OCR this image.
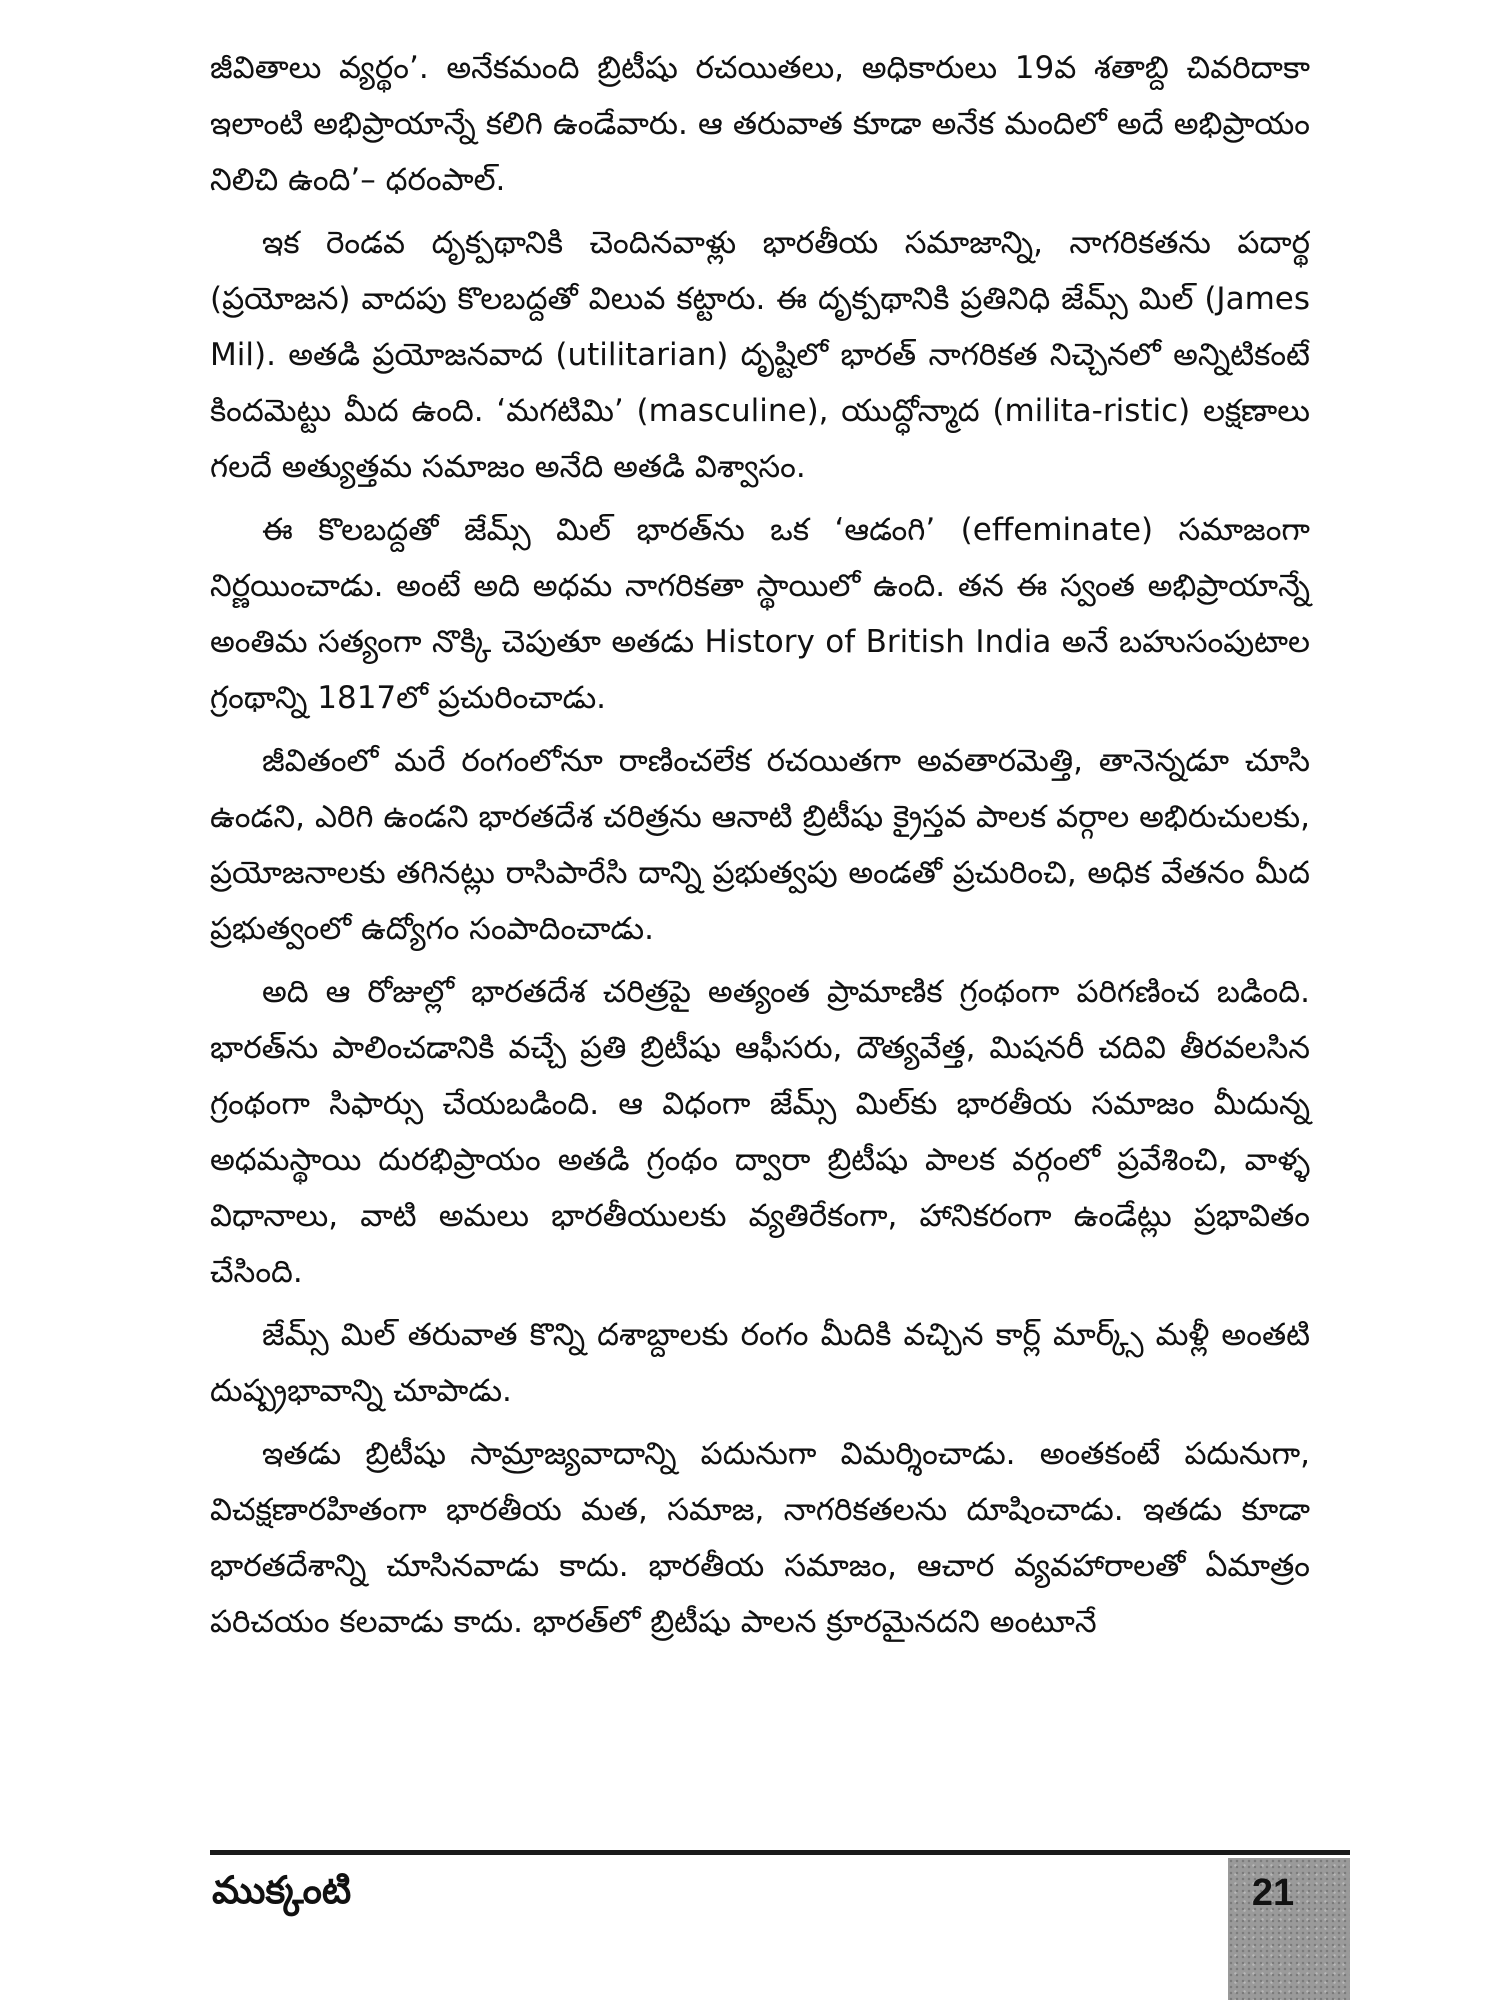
జీవితాలు వ్యర్థం’. అనేకమంది బ్రిటీషు రచయితలు, అధికారులు 19వ శతాబ్ది చివరిదాకా ఇలాంటి అభిప్రాయాన్నే కలిగి ఉండేవారు. ఆ తరువాత కూడా అనేక మందిలో అదే అభిప్రాయం నిలిచి ఉంది’– ధరంపాల్.

ఇక రెండవ దృక్పథానికి చెందినవాళ్లు భారతీయ సమాజాన్ని, నాగరికతను పదార్థ (ప్రయోజన) వాదపు కొలబద్దతో విలువ కట్టారు. ఈ దృక్పథానికి ప్రతినిధి జేమ్స్ మిల్ (James Mil). అతడి ప్రయోజనవాద (utilitarian) దృష్టిలో భారత్ నాగరికత నిచ్చెనలో అన్నిటికంటే కిందమెట్టు మీద ఉంది. ‘మగటిమి’ (masculine), యుద్ధోన్మాద (milita-ristic) లక్షణాలు గలదే అత్యుత్తమ సమాజం అనేది అతడి విశ్వాసం.

ఈ కొలబద్దతో జేమ్స్ మిల్ భారత్‌ను ఒక ‘ఆడంగి’ (effeminate) సమాజంగా నిర్ణయించాడు. అంటే అది అధమ నాగరికతా స్థాయిలో ఉంది. తన ఈ స్వంత అభిప్రాయాన్నే అంతిమ సత్యంగా నొక్కి చెపుతూ అతడు History of British India అనే బహుసంపుటాల గ్రంథాన్ని 1817లో ప్రచురించాడు.

జీవితంలో మరే రంగంలోనూ రాణించలేక రచయితగా అవతారమెత్తి, తానెన్నడూ చూసి ఉండని, ఎరిగి ఉండని భారతదేశ చరిత్రను ఆనాటి బ్రిటీషు క్రైస్తవ పాలక వర్గాల అభిరుచులకు, ప్రయోజనాలకు తగినట్లు రాసిపారేసి దాన్ని ప్రభుత్వపు అండతో ప్రచురించి, అధిక వేతనం మీద ప్రభుత్వంలో ఉద్యోగం సంపాదించాడు.

అది ఆ రోజుల్లో భారతదేశ చరిత్రపై అత్యంత ప్రామాణిక గ్రంథంగా పరిగణించ బడింది. భారత్‌ను పాలించడానికి వచ్చే ప్రతి బ్రిటీషు ఆఫీసరు, దౌత్యవేత్త, మిషనరీ చదివి తీరవలసిన గ్రంథంగా సిఫార్సు చేయబడింది. ఆ విధంగా జేమ్స్ మిల్‌కు భారతీయ సమాజం మీదున్న అధమస్థాయి దురభిప్రాయం అతడి గ్రంథం ద్వారా బ్రిటీషు పాలక వర్గంలో ప్రవేశించి, వాళ్ళ విధానాలు, వాటి అమలు భారతీయులకు వ్యతిరేకంగా, హానికరంగా ఉండేట్లు ప్రభావితం చేసింది.

జేమ్స్ మిల్ తరువాత కొన్ని దశాబ్దాలకు రంగం మీదికి వచ్చిన కార్ల్ మార్క్స్ మళ్లీ అంతటి దుష్ప్రభావాన్ని చూపాడు.

ఇతడు బ్రిటీషు సామ్రాజ్యవాదాన్ని పదునుగా విమర్శించాడు. అంతకంటే పదునుగా, విచక్షణారహితంగా భారతీయ మత, సమాజ, నాగరికతలను దూషించాడు. ఇతడు కూడా భారతదేశాన్ని చూసినవాడు కాదు. భారతీయ సమాజం, ఆచార వ్యవహారాలతో ఏమాత్రం పరిచయం కలవాడు కాదు. భారత్‌లో బ్రిటీషు పాలన క్రూరమైనదని అంటూనే

ముక్కంటి	21
